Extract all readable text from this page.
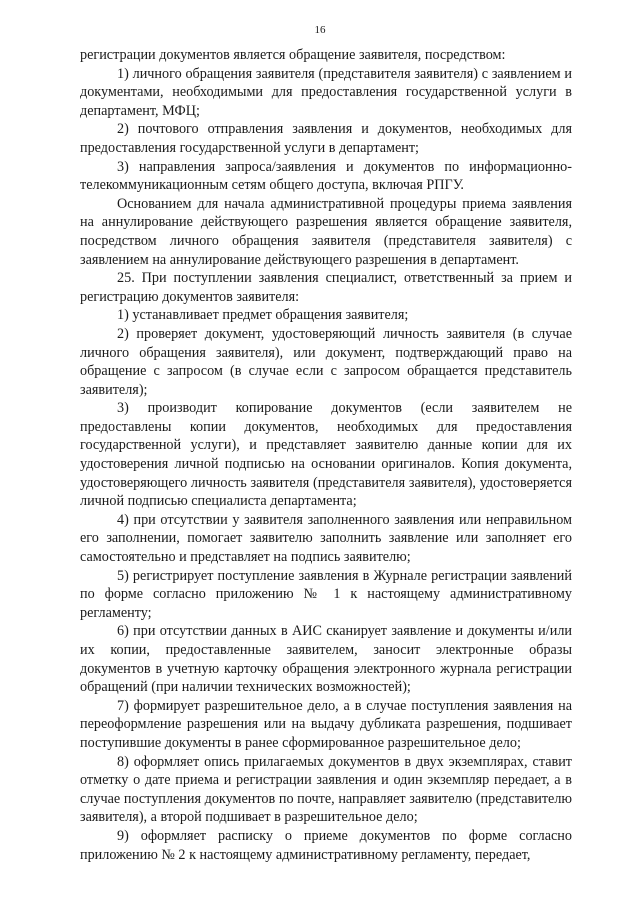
16

регистрации документов является обращение заявителя, посредством:

1) личного обращения заявителя (представителя заявителя) с заявлением и документами, необходимыми для предоставления государственной услуги в департамент, МФЦ;

2) почтового отправления заявления и документов, необходимых для предоставления государственной услуги в департамент;

3) направления запроса/заявления и документов по информационно-телекоммуникационным сетям общего доступа, включая РПГУ.

Основанием для начала административной процедуры приема заявления на аннулирование действующего разрешения является обращение заявителя, посредством личного обращения заявителя (представителя заявителя) с заявлением на аннулирование действующего разрешения в департамент.

25. При поступлении заявления специалист, ответственный за прием и регистрацию документов заявителя:

1) устанавливает предмет обращения заявителя;

2) проверяет документ, удостоверяющий личность заявителя (в случае личного обращения заявителя), или документ, подтверждающий право на обращение с запросом (в случае если с запросом обращается представитель заявителя);

3) производит копирование документов (если заявителем не предоставлены копии документов, необходимых для предоставления государственной услуги), и представляет заявителю данные копии для их удостоверения личной подписью на основании оригиналов. Копия документа, удостоверяющего личность заявителя (представителя заявителя), удостоверяется личной подписью специалиста департамента;

4) при отсутствии у заявителя заполненного заявления или неправильном его заполнении, помогает заявителю заполнить заявление или заполняет его самостоятельно и представляет на подпись заявителю;

5) регистрирует поступление заявления в Журнале регистрации заявлений по форме согласно приложению № 1 к настоящему административному регламенту;

6) при отсутствии данных в АИС сканирует заявление и документы и/или их копии, предоставленные заявителем, заносит электронные образы документов в учетную карточку обращения электронного журнала регистрации обращений (при наличии технических возможностей);

7) формирует разрешительное дело, а в случае поступления заявления на переоформление разрешения или на выдачу дубликата разрешения, подшивает поступившие документы в ранее сформированное разрешительное дело;

8) оформляет опись прилагаемых документов в двух экземплярах, ставит отметку о дате приема и регистрации заявления и один экземпляр передает, а в случае поступления документов по почте, направляет заявителю (представителю заявителя), а второй подшивает в разрешительное дело;

9) оформляет расписку о приеме документов по форме согласно приложению № 2 к настоящему административному регламенту, передает,
